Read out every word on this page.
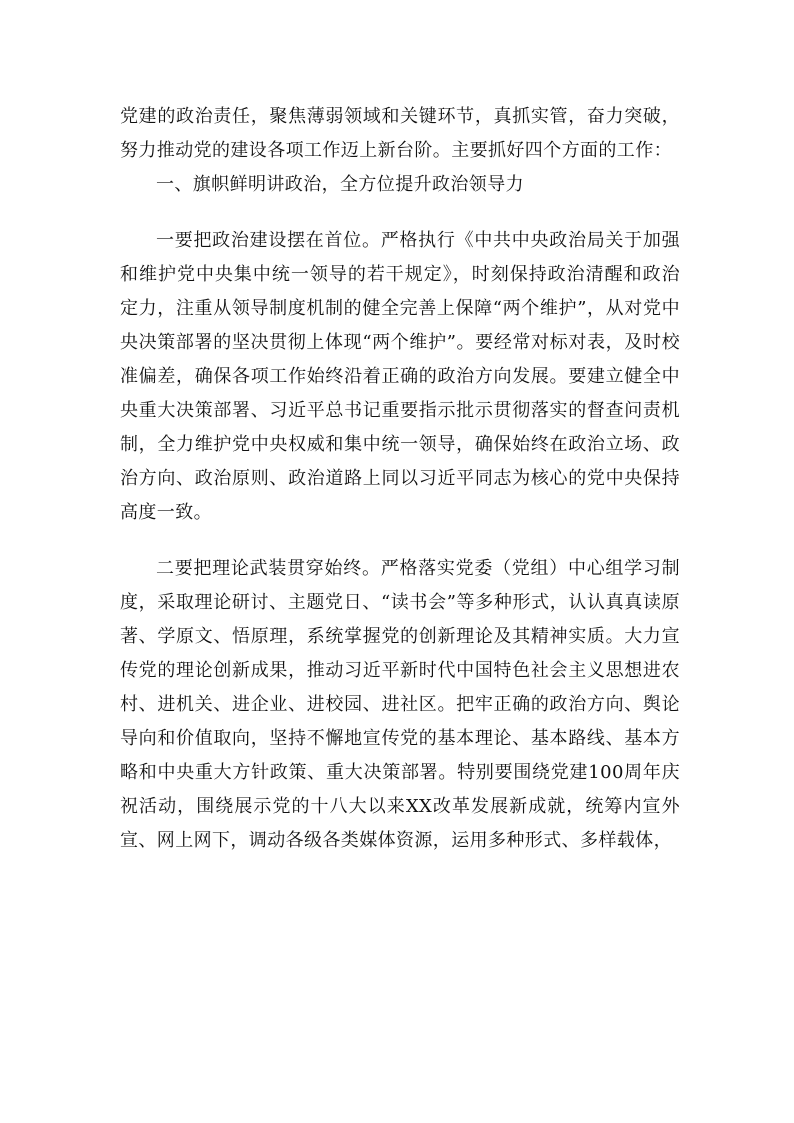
党建的政治责任，聚焦薄弱领域和关键环节，真抓实管，奋力突破，努力推动党的建设各项工作迈上新台阶。主要抓好四个方面的工作：

一、旗帜鲜明讲政治，全方位提升政治领导力

一要把政治建设摆在首位。严格执行《中共中央政治局关于加强和维护党中央集中统一领导的若干规定》，时刻保持政治清醒和政治定力，注重从领导制度机制的健全完善上保障“两个维护”，从对党中央决策部署的坚决贯彻上体现“两个维护”。要经常对标对表，及时校准偏差，确保各项工作始终沿着正确的政治方向发展。要建立健全中央重大决策部署、习近平总书记重要指示批示贯彻落实的督查问责机制，全力维护党中央权威和集中统一领导，确保始终在政治立场、政治方向、政治原则、政治道路上同以习近平同志为核心的党中央保持高度一致。

二要把理论武装贯穿始终。严格落实党委（党组）中心组学习制度，采取理论研讨、主题党日、“读书会”等多种形式，认认真真读原著、学原文、悟原理，系统掌握党的创新理论及其精神实质。大力宣传党的理论创新成果，推动习近平新时代中国特色社会主义思想进农村、进机关、进企业、进校园、进社区。把牢正确的政治方向、舆论导向和价值取向，坚持不懈地宣传党的基本理论、基本路线、基本方略和中央重大方针政策、重大决策部署。特别要围绕党建100周年庆祝活动，围绕展示党的十八大以来XX改革发展新成就，统筹内宣外宣、网上网下，调动各级各类媒体资源，运用多种形式、多样载体，
